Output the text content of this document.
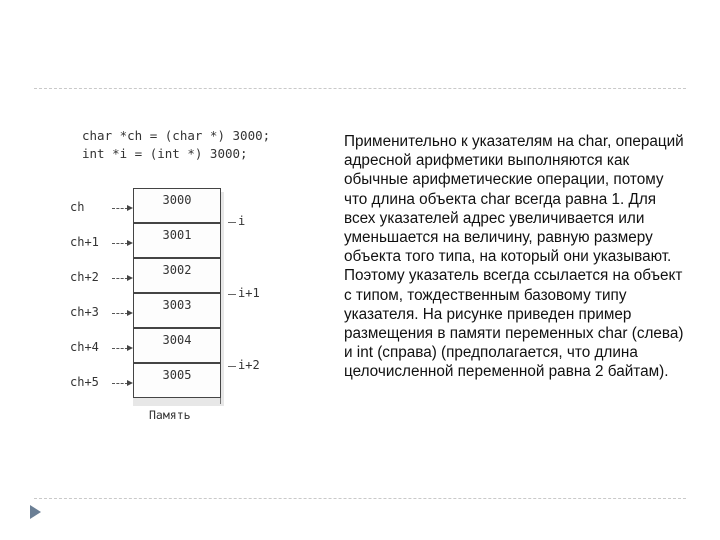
char *ch = (char *) 3000;
int *i = (int *) 3000;
3000
3001
3002
3003
3004
3005
ch
ch+1
ch+2
ch+3
ch+4
ch+5
i
i+1
i+2
Память

Применительно к указателям на char, операций адресной арифметики выполняются как обычные арифметические операции, потому что длина объекта char всегда равна 1. Для всех указателей адрес увеличивается или уменьшается на величину, равную размеру объекта того типа, на который они указывают. Поэтому указатель всегда ссылается на объект с типом, тождественным базовому типу указателя. На рисунке приведен пример размещения в памяти переменных char (слева) и int (справа) (предполагается, что длина целочисленной переменной равна 2 байтам).
